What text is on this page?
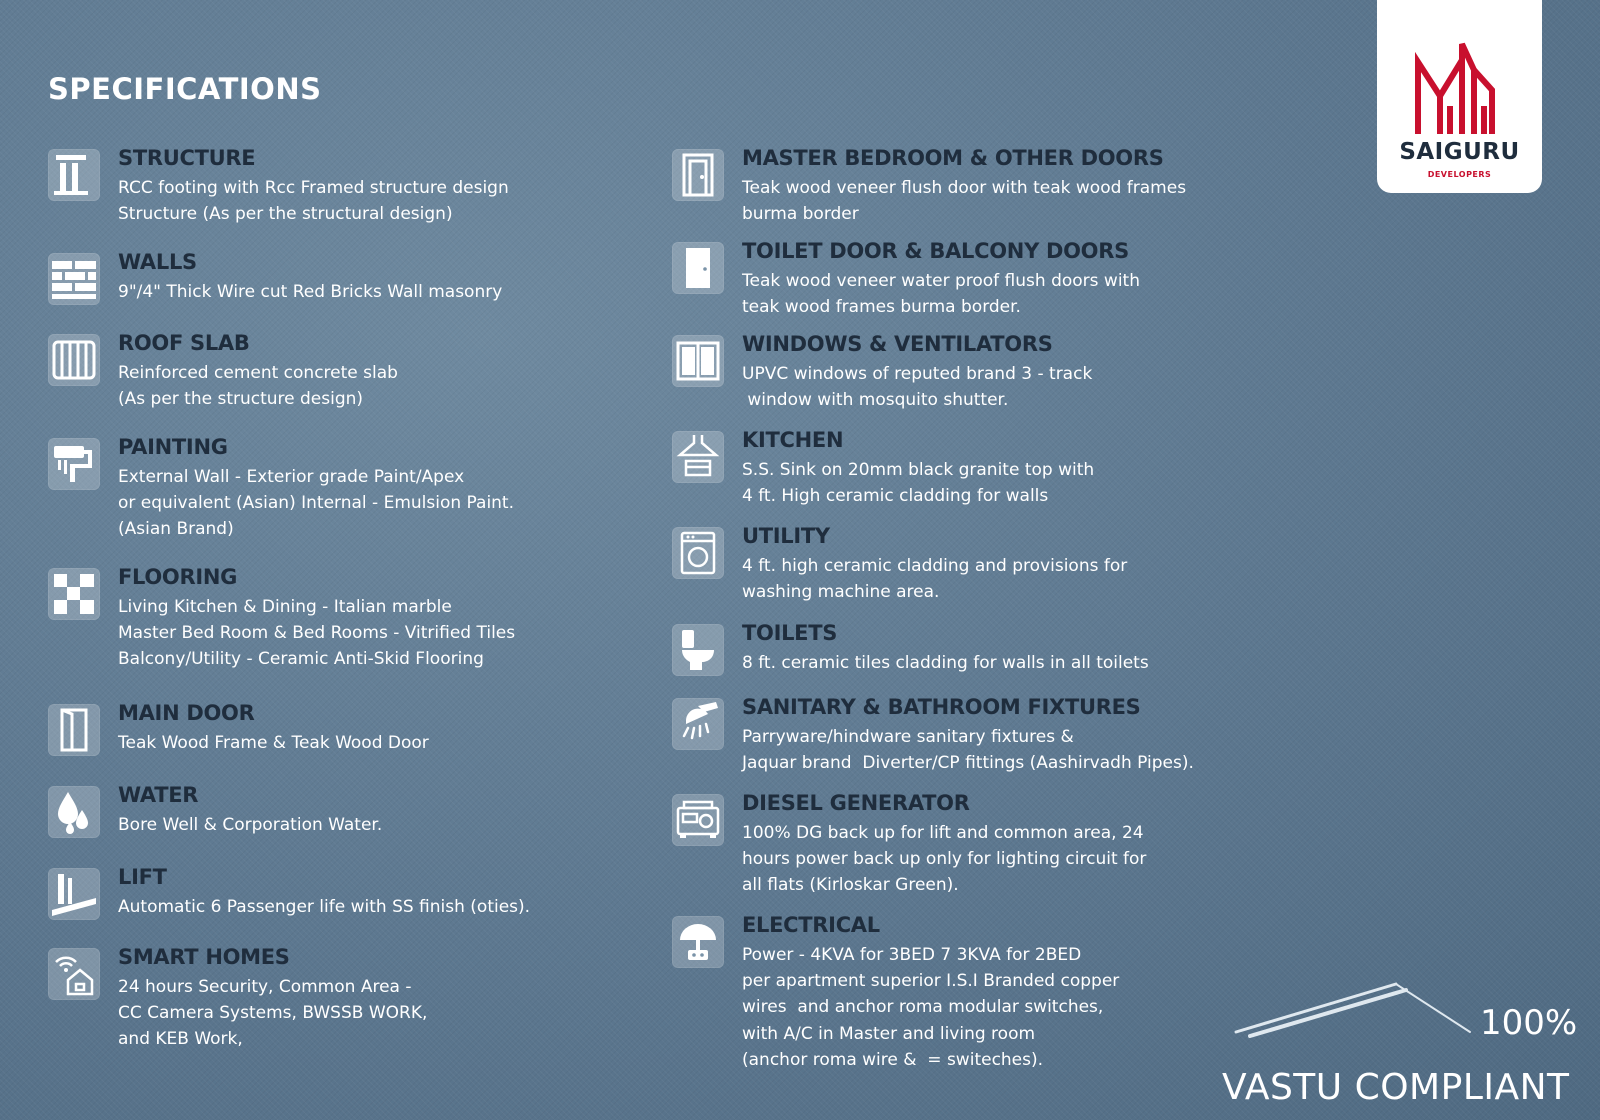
SPECIFICATIONS
SAIGURU
DEVELOPERS
STRUCTURE
RCC footing with Rcc Framed structure design
Structure (As per the structural design)
WALLS
9"/4" Thick Wire cut Red Bricks Wall masonry
ROOF SLAB
Reinforced cement concrete slab
(As per the structure design)
PAINTING
External Wall - Exterior grade Paint/Apex
or equivalent (Asian) Internal - Emulsion Paint.
(Asian Brand)
FLOORING
Living Kitchen & Dining - Italian marble
Master Bed Room & Bed Rooms - Vitrified Tiles
Balcony/Utility - Ceramic Anti-Skid Flooring
MAIN DOOR
Teak Wood Frame & Teak Wood Door
WATER
Bore Well & Corporation Water.
LIFT
Automatic 6 Passenger life with SS finish (oties).
SMART HOMES
24 hours Security, Common Area -
CC Camera Systems, BWSSB WORK,
and KEB Work,
MASTER BEDROOM & OTHER DOORS
Teak wood veneer flush door with teak wood frames
burma border
TOILET DOOR & BALCONY DOORS
Teak wood veneer water proof flush doors with
teak wood frames burma border.
WINDOWS & VENTILATORS
UPVC windows of reputed brand 3 - track
window with mosquito shutter.
KITCHEN
S.S. Sink on 20mm black granite top with
4 ft. High ceramic cladding for walls
UTILITY
4 ft. high ceramic cladding and provisions for
washing machine area.
TOILETS
8 ft. ceramic tiles cladding for walls in all toilets
SANITARY & BATHROOM FIXTURES
Parryware/hindware sanitary fixtures &
Jaquar brand  Diverter/CP fittings (Aashirvadh Pipes).
DIESEL GENERATOR
100% DG back up for lift and common area, 24
hours power back up only for lighting circuit for
all flats (Kirloskar Green).
ELECTRICAL
Power - 4KVA for 3BED 7 3KVA for 2BED
per apartment superior I.S.I Branded copper
wires  and anchor roma modular switches,
with A/C in Master and living room
(anchor roma wire &  = switeches).
100%
VASTU COMPLIANT
